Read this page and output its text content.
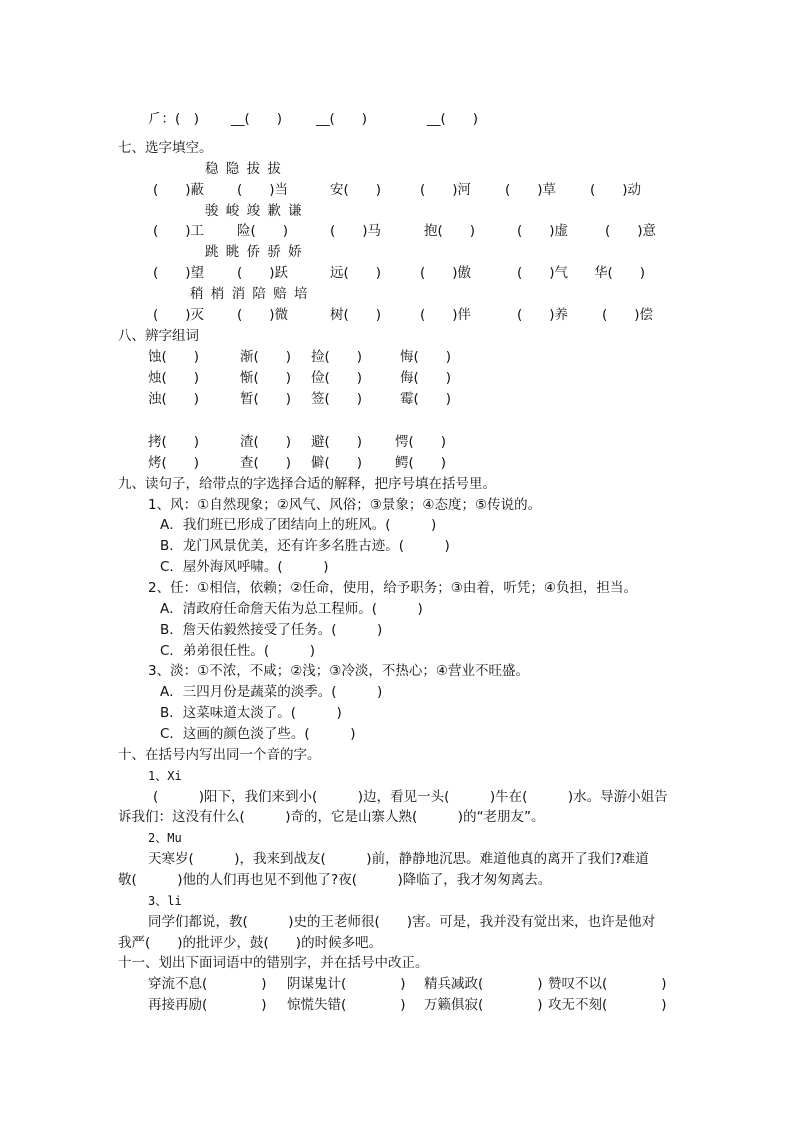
⺁：(　) __(　　)	__(　　)	__(　　)
七、选字填空。
稳 隐 拔 拔
(　　)蔽 (　　)当	安(　　)	(　　)河	(　　)草	(　　)动
骏 峻 竣 歉 谦
(　　)工 险(　　)	(　　)马	抱(　　)	(　　)虚	(　　)意
跳 眺 侨 骄 娇
(　　)望 (　　)跃	远(　　)	(　　)傲	(　　)气 华(　　)
稍 梢 消 陪 赔 培
(　　)灭 (　　)微	树(　　)	(　　)伴	(　　)养	(　　)偿
八、辨字组词
蚀(　　)	渐(　　) 捡(　　)	悔(　　)
烛(　　)	惭(　　) 俭(　　)	侮(　　)
浊(　　)	暂(　　) 签(　　)	霉(　　)
拷(　　)	渣(　　) 避(　　) 愕(　　)
烤(　　)	查(　　) 僻(　　) 鳄(　　)
九、读句子，给带点的字选择合适的解释，把序号填在括号里。
1、风：①自然现象；②风气、风俗；③景象；④态度；⑤传说的。
A．我们班已形成了团结向上的班风。(　　　)
B．龙门风景优美，还有许多名胜古迹。(　　　)
C．屋外海风呼啸。(　　　)
2、任：①相信，依赖；②任命，使用，给予职务；③由着，听凭；④负担，担当。
A．清政府任命詹天佑为总工程师。(　　　)
B．詹天佑毅然接受了任务。(　　　)
C．弟弟很任性。(　　　)
3、淡：①不浓，不咸；②浅；③冷淡，不热心；④营业不旺盛。
A．三四月份是蔬菜的淡季。(　　　)
B．这菜味道太淡了。(　　　)
C．这画的颜色淡了些。(　　　)
十、在括号内写出同一个音的字。
1、Xi
(　　　)阳下，我们来到小(　　　)边，看见一头(　　　)牛在(　　　)水。导游小姐告
诉我们：这没有什么(　　　)奇的，它是山寨人熟(　　　)的“老朋友”。
2、Mu
天寒岁(　　　)，我来到战友(　　　)前，静静地沉思。难道他真的离开了我们?难道
敬(　　　)他的人们再也见不到他了?夜(　　　)降临了，我才匆匆离去。
3、li
同学们都说，教(　　　)史的王老师很(　　)害。可是，我并没有觉出来，也许是他对
我严(　　)的批评少，鼓(　　)的时候多吧。
十一、划出下面词语中的错别字，并在括号中改正。
穿流不息(　　　　) 阴谋鬼计(　　　　) 精兵减政(　　　　) 赞叹不以(　　　　)
再接再励(　　　　) 惊慌失错(　　　　) 万籁俱寂(　　　　) 攻无不刻(　　　　)
